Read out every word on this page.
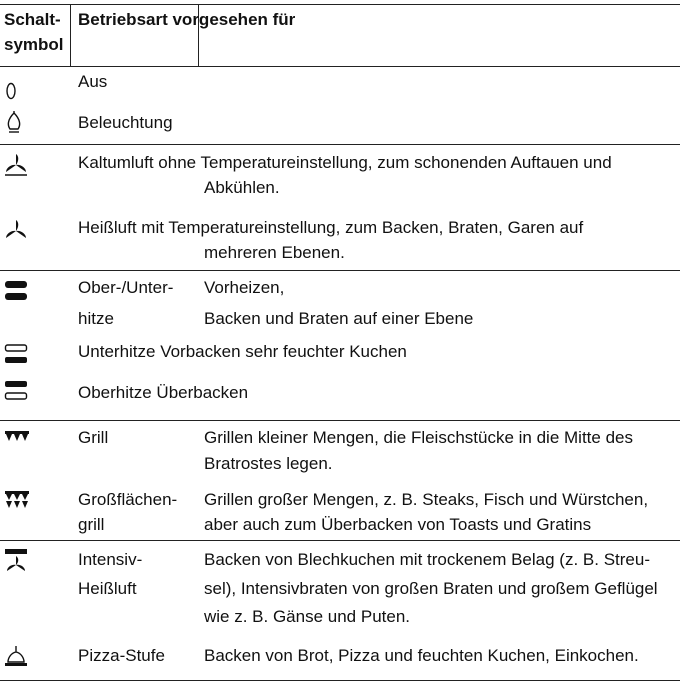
Schalt-
symbol
Betriebsart vorgesehen für
Aus
Beleuchtung
Kaltumluft ohne Temperatureinstellung, zum schonenden Auftauen und
Abkühlen.
Heißluft mit Temperatureinstellung, zum Backen, Braten, Garen auf
mehreren Ebenen.
Ober-/Unter-
hitze
Vorheizen,
Backen und Braten auf einer Ebene
Unterhitze Vorbacken sehr feuchter Kuchen
Oberhitze Überbacken
Grill	Grillen kleiner Mengen, die Fleischstücke in die Mitte des
Bratrostes legen.
Großflächen-
grill
Grillen großer Mengen, z. B. Steaks, Fisch und Würstchen,
aber auch zum Überbacken von Toasts und Gratins
Intensiv-
Heißluft
Backen von Blechkuchen mit trockenem Belag (z. B. Streu-
sel), Intensivbraten von großen Braten und großem Geflügel
wie z. B. Gänse und Puten.
Pizza-Stufe Backen von Brot, Pizza und feuchten Kuchen, Einkochen.
